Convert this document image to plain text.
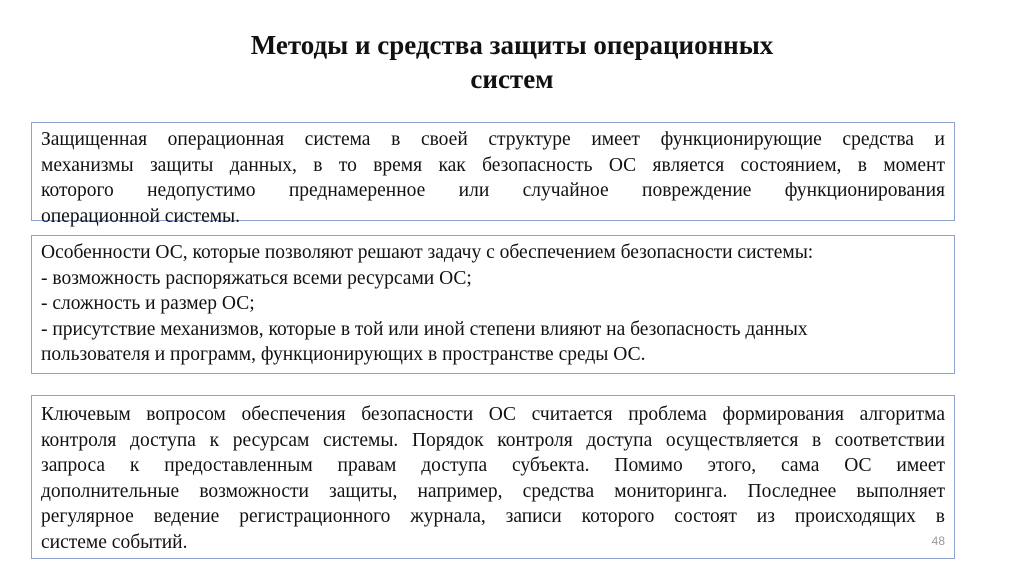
Методы и средства защиты операционных
систем
Защищенная операционная система в своей структуре имеет функционирующие средства и
механизмы защиты данных, в то время как безопасность ОС является состоянием, в момент
которого недопустимо преднамеренное или случайное повреждение функционирования
операционной системы.
Особенности ОС, которые позволяют решают задачу с обеспечением безопасности системы:
- возможность распоряжаться всеми ресурсами ОС;
- сложность и размер ОС;
- присутствие механизмов, которые в той или иной степени влияют на безопасность данных
пользователя и программ, функционирующих в пространстве среды ОС.
Ключевым вопросом обеспечения безопасности ОС считается проблема формирования алгоритма
контроля доступа к ресурсам системы. Порядок контроля доступа осуществляется в соответствии
запроса к предоставленным правам доступа субъекта. Помимо этого, сама ОС имеет
дополнительные возможности защиты, например, средства мониторинга. Последнее выполняет
регулярное ведение регистрационного журнала, записи которого состоят из происходящих в
системе событий.	48
